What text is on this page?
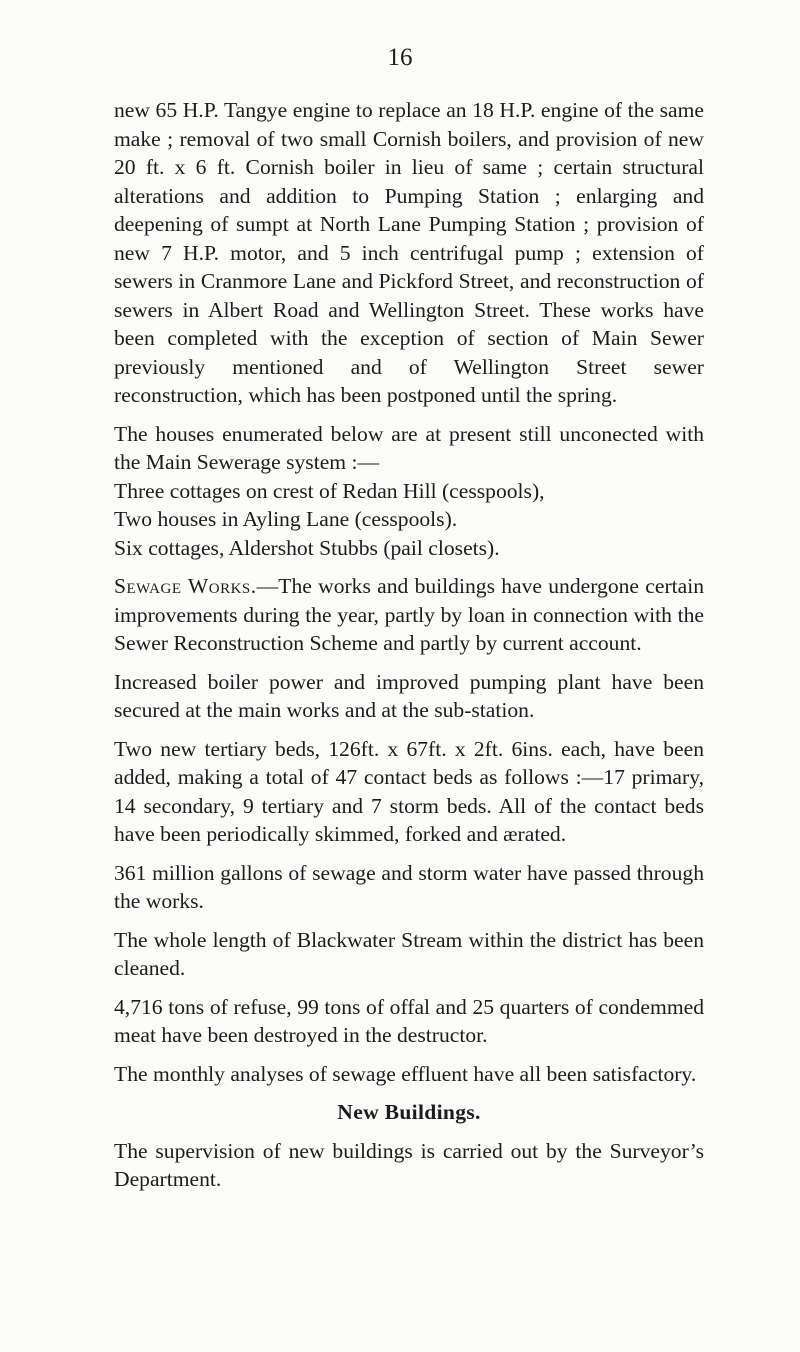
16

new 65 H.P. Tangye engine to replace an 18 H.P. engine of the same make ; removal of two small Cornish boilers, and provision of new 20 ft. x 6 ft. Cornish boiler in lieu of same ; certain structural alterations and addition to Pumping Station ; enlarging and deepening of sumpt at North Lane Pumping Station ; provision of new 7 H.P. motor, and 5 inch centrifugal pump ; extension of sewers in Cranmore Lane and Pickford Street, and reconstruction of sewers in Albert Road and Wellington Street. These works have been completed with the exception of section of Main Sewer previously mentioned and of Wellington Street sewer reconstruction, which has been postponed until the spring.

The houses enumerated below are at present still unconected with the Main Sewerage system :—

Three cottages on crest of Redan Hill (cesspools),

Two houses in Ayling Lane (cesspools).

Six cottages, Aldershot Stubbs (pail closets).

Sewage Works.—The works and buildings have undergone certain improvements during the year, partly by loan in connection with the Sewer Reconstruction Scheme and partly by current account.

Increased boiler power and improved pumping plant have been secured at the main works and at the sub-station.

Two new tertiary beds, 126ft. x 67ft. x 2ft. 6ins. each, have been added, making a total of 47 contact beds as follows :—17 primary, 14 secondary, 9 tertiary and 7 storm beds. All of the contact beds have been periodically skimmed, forked and ærated.

361 million gallons of sewage and storm water have passed through the works.

The whole length of Blackwater Stream within the district has been cleaned.

4,716 tons of refuse, 99 tons of offal and 25 quarters of condemmed meat have been destroyed in the destructor.

The monthly analyses of sewage effluent have all been satisfactory.

New Buildings.

The supervision of new buildings is carried out by the Surveyor’s Department.
